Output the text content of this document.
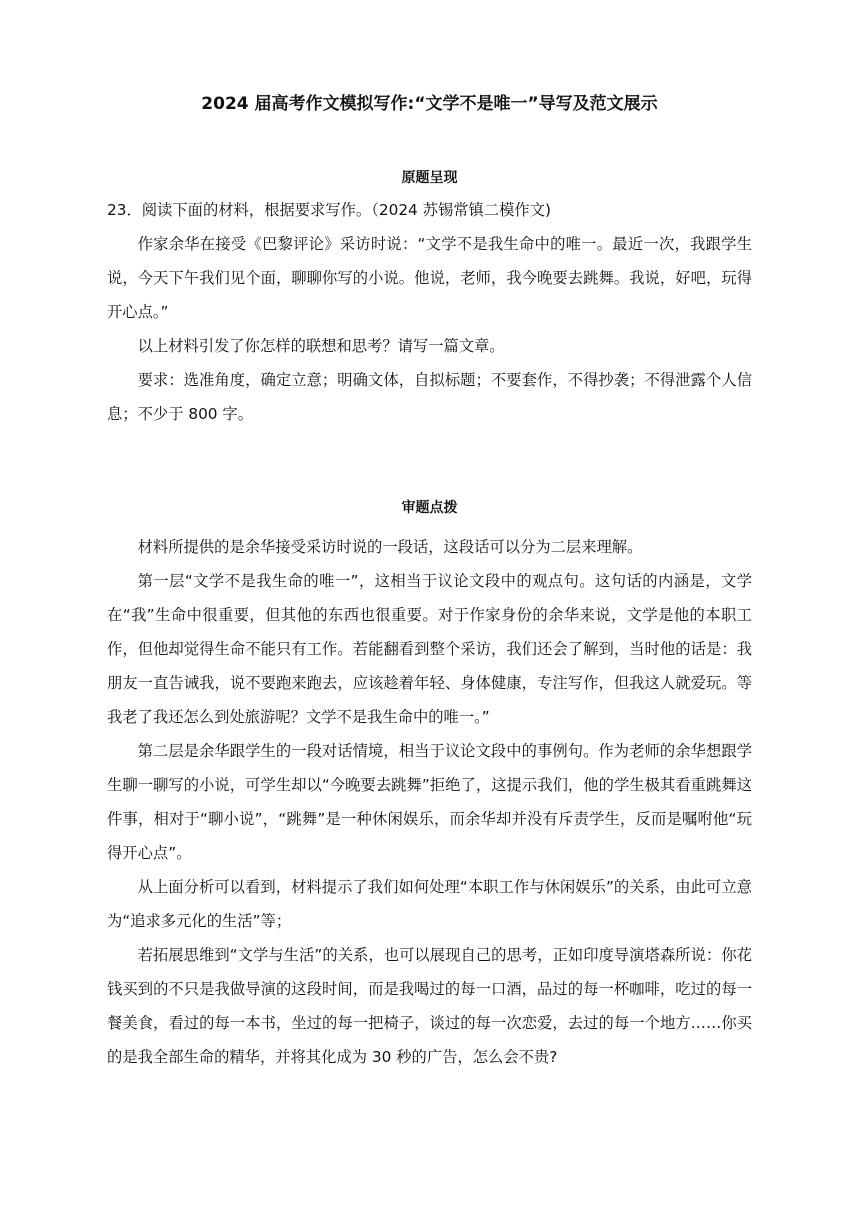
2024 届高考作文模拟写作:“文学不是唯一”导写及范文展示
原题呈现

23．阅读下面的材料，根据要求写作。（2024 苏锡常镇二模作文)

作家余华在接受《巴黎评论》采访时说：“文学不是我生命中的唯一。最近一次，我跟学生说，今天下午我们见个面，聊聊你写的小说。他说，老师，我今晚要去跳舞。我说，好吧，玩得开心点。”

以上材料引发了你怎样的联想和思考？请写一篇文章。

要求：选准角度，确定立意；明确文体，自拟标题；不要套作，不得抄袭；不得泄露个人信息；不少于 800 字。

审题点拨

材料所提供的是余华接受采访时说的一段话，这段话可以分为二层来理解。

第一层“文学不是我生命的唯一”，这相当于议论文段中的观点句。这句话的内涵是，文学在“我”生命中很重要，但其他的东西也很重要。对于作家身份的余华来说，文学是他的本职工作，但他却觉得生命不能只有工作。若能翻看到整个采访，我们还会了解到，当时他的话是：我朋友一直告诫我，说不要跑来跑去，应该趁着年轻、身体健康，专注写作，但我这人就爱玩。等我老了我还怎么到处旅游呢？文学不是我生命中的唯一。”

第二层是余华跟学生的一段对话情境，相当于议论文段中的事例句。作为老师的余华想跟学生聊一聊写的小说，可学生却以“今晚要去跳舞”拒绝了，这提示我们，他的学生极其看重跳舞这件事，相对于“聊小说”，“跳舞”是一种休闲娱乐，而余华却并没有斥责学生，反而是嘱咐他“玩得开心点”。

从上面分析可以看到，材料提示了我们如何处理“本职工作与休闲娱乐”的关系，由此可立意为“追求多元化的生活”等；

若拓展思维到“文学与生活”的关系，也可以展现自己的思考，正如印度导演塔森所说：你花钱买到的不只是我做导演的这段时间，而是我喝过的每一口酒，品过的每一杯咖啡，吃过的每一餐美食，看过的每一本书，坐过的每一把椅子，谈过的每一次恋爱，去过的每一个地方……你买的是我全部生命的精华，并将其化成为 30 秒的广告，怎么会不贵?
